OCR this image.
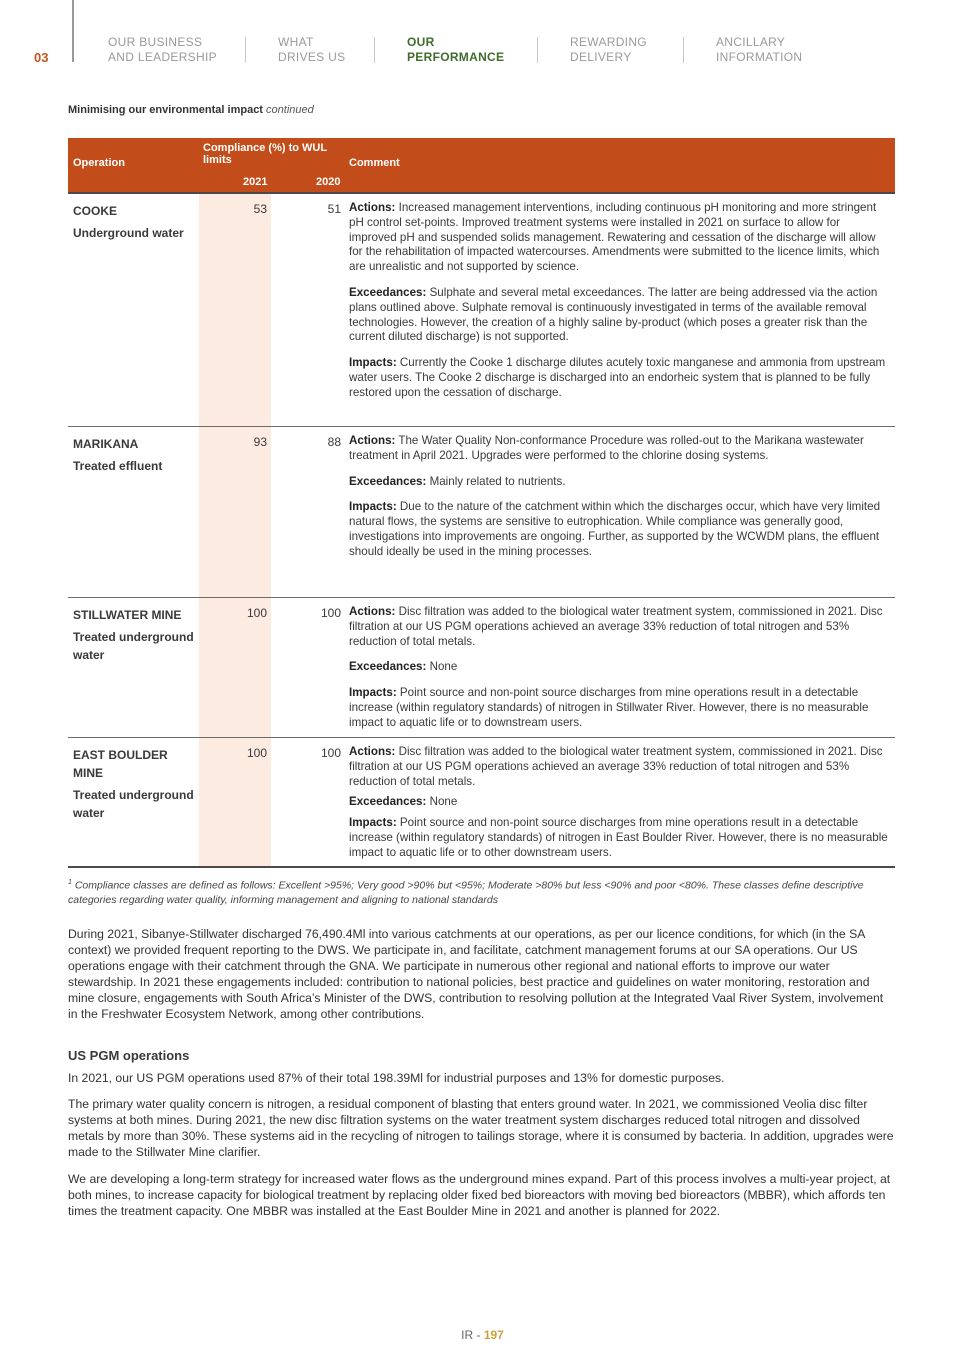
03
OUR BUSINESS
AND LEADERSHIP
WHAT
DRIVES US
OUR
PERFORMANCE
REWARDING
DELIVERY
ANCILLARY
INFORMATION
Minimising our environmental impact continued
Operation
Compliance (%) to WUL limits
2021	2020
Comment
COOKE
Underground water
53	51 Actions: Increased management interventions, including continuous pH monitoring and more stringent pH control set-points. Improved treatment systems were installed in 2021 on surface to allow for improved pH and suspended solids management. Rewatering and cessation of the discharge will allow for the rehabilitation of impacted watercourses. Amendments were submitted to the licence limits, which are unrealistic and not supported by science.

Exceedances: Sulphate and several metal exceedances. The latter are being addressed via the action plans outlined above. Sulphate removal is continuously investigated in terms of the available removal technologies. However, the creation of a highly saline by-product (which poses a greater risk than the current diluted discharge) is not supported.

Impacts: Currently the Cooke 1 discharge dilutes acutely toxic manganese and ammonia from upstream water users. The Cooke 2 discharge is discharged into an endorheic system that is planned to be fully restored upon the cessation of discharge.

MARIKANA
Treated effluent
93	88 Actions: The Water Quality Non-conformance Procedure was rolled-out to the Marikana wastewater treatment in April 2021. Upgrades were performed to the chlorine dosing systems.

Exceedances: Mainly related to nutrients.

Impacts: Due to the nature of the catchment within which the discharges occur, which have very limited natural flows, the systems are sensitive to eutrophication. While compliance was generally good, investigations into improvements are ongoing. Further, as supported by the WCWDM plans, the effluent should ideally be used in the mining processes.

STILLWATER MINE
Treated underground water
100	100 Actions: Disc filtration was added to the biological water treatment system, commissioned in 2021. Disc filtration at our US PGM operations achieved an average 33% reduction of total nitrogen and 53% reduction of total metals.

Exceedances: None

Impacts: Point source and non-point source discharges from mine operations result in a detectable increase (within regulatory standards) of nitrogen in Stillwater River. However, there is no measurable impact to aquatic life or to downstream users.

EAST BOULDER MINE
Treated underground water
100	100 Actions: Disc filtration was added to the biological water treatment system, commissioned in 2021. Disc filtration at our US PGM operations achieved an average 33% reduction of total nitrogen and 53% reduction of total metals.

Exceedances: None

Impacts: Point source and non-point source discharges from mine operations result in a detectable increase (within regulatory standards) of nitrogen in East Boulder River. However, there is no measurable impact to aquatic life or to other downstream users.

$^1$ Compliance classes are defined as follows: Excellent >95%; Very good >90% but <95%; Moderate >80% but less <90% and poor <80%. These classes define descriptive categories regarding water quality, informing management and aligning to national standards
During 2021, Sibanye-Stillwater discharged 76,490.4Ml into various catchments at our operations, as per our licence conditions, for which (in the SA context) we provided frequent reporting to the DWS. We participate in, and facilitate, catchment management forums at our SA operations. Our US operations engage with their catchment through the GNA. We participate in numerous other regional and national efforts to improve our water stewardship. In 2021 these engagements included: contribution to national policies, best practice and guidelines on water monitoring, restoration and mine closure, engagements with South Africa’s Minister of the DWS, contribution to resolving pollution at the Integrated Vaal River System, involvement in the Freshwater Ecosystem Network, among other contributions.
US PGM operations
In 2021, our US PGM operations used 87% of their total 198.39Ml for industrial purposes and 13% for domestic purposes.
The primary water quality concern is nitrogen, a residual component of blasting that enters ground water. In 2021, we commissioned Veolia disc filter systems at both mines. During 2021, the new disc filtration systems on the water treatment system discharges reduced total nitrogen and dissolved metals by more than 30%. These systems aid in the recycling of nitrogen to tailings storage, where it is consumed by bacteria. In addition, upgrades were made to the Stillwater Mine clarifier.
We are developing a long-term strategy for increased water flows as the underground mines expand. Part of this process involves a multi-year project, at both mines, to increase capacity for biological treatment by replacing older fixed bed bioreactors with moving bed bioreactors (MBBR), which affords ten times the treatment capacity. One MBBR was installed at the East Boulder Mine in 2021 and another is planned for 2022.
IR - 197
